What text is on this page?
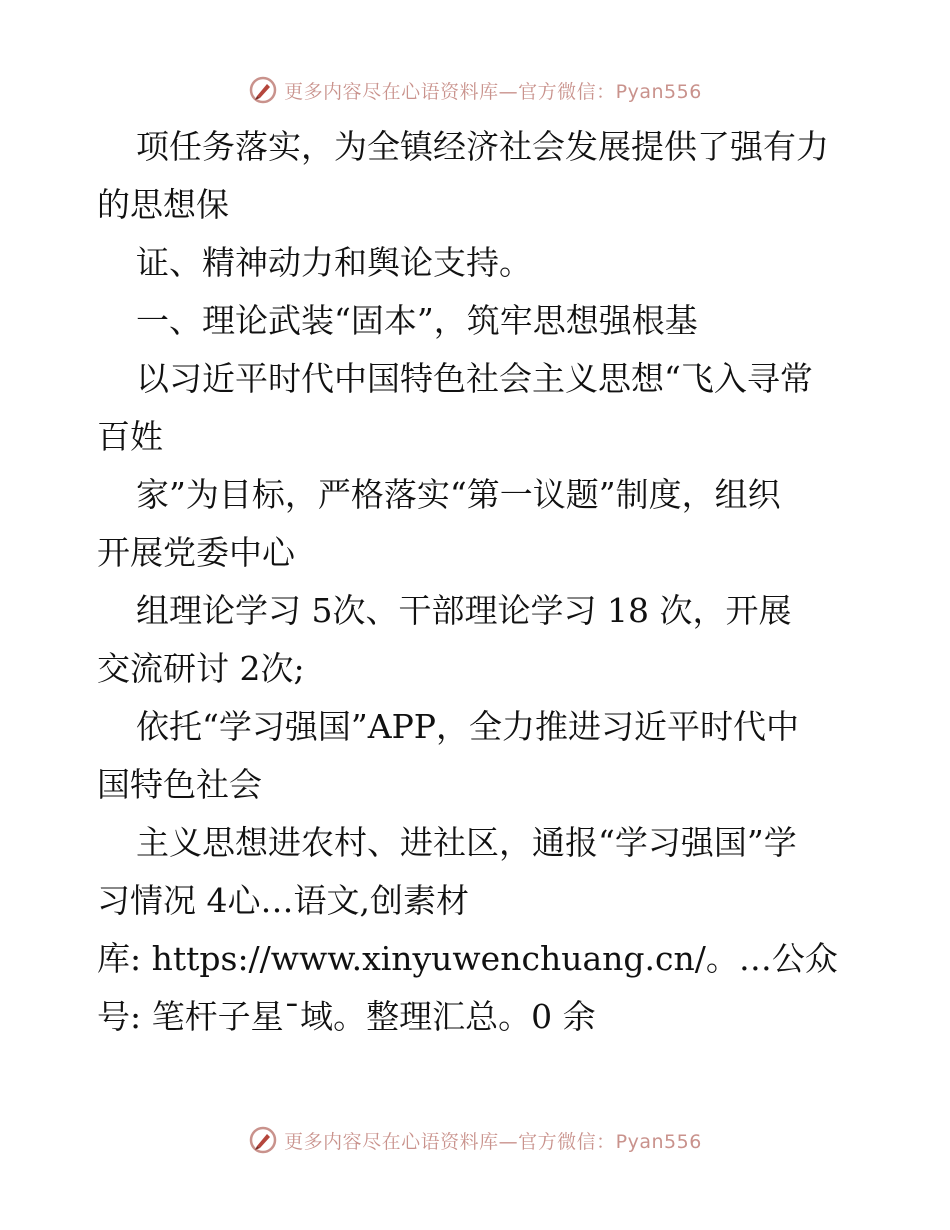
更多内容尽在心语资料库—官方微信：Pyan556
项任务落实，为全镇经济社会发展提供了强有力
的思想保
证、精神动力和舆论支持。
一、理论武装“固本”，筑牢思想强根基
以习近平时代中国特色社会主义思想“飞入寻常
百姓
家”为目标，严格落实“第一议题”制度，组织
开展党委中心
组理论学习 5次、干部理论学习 18 次，开展
交流研讨 2次;
依托“学习强国”APP，全力推进习近平时代中
国特色社会
主义思想进农村、进社区，通报“学习强国”学
习情况 4心…语文,创素材
库: https://www.xinyuwenchuang.cn/。…公众
号: 笔杆子星¯域。整理汇总。0 余
更多内容尽在心语资料库—官方微信：Pyan556
